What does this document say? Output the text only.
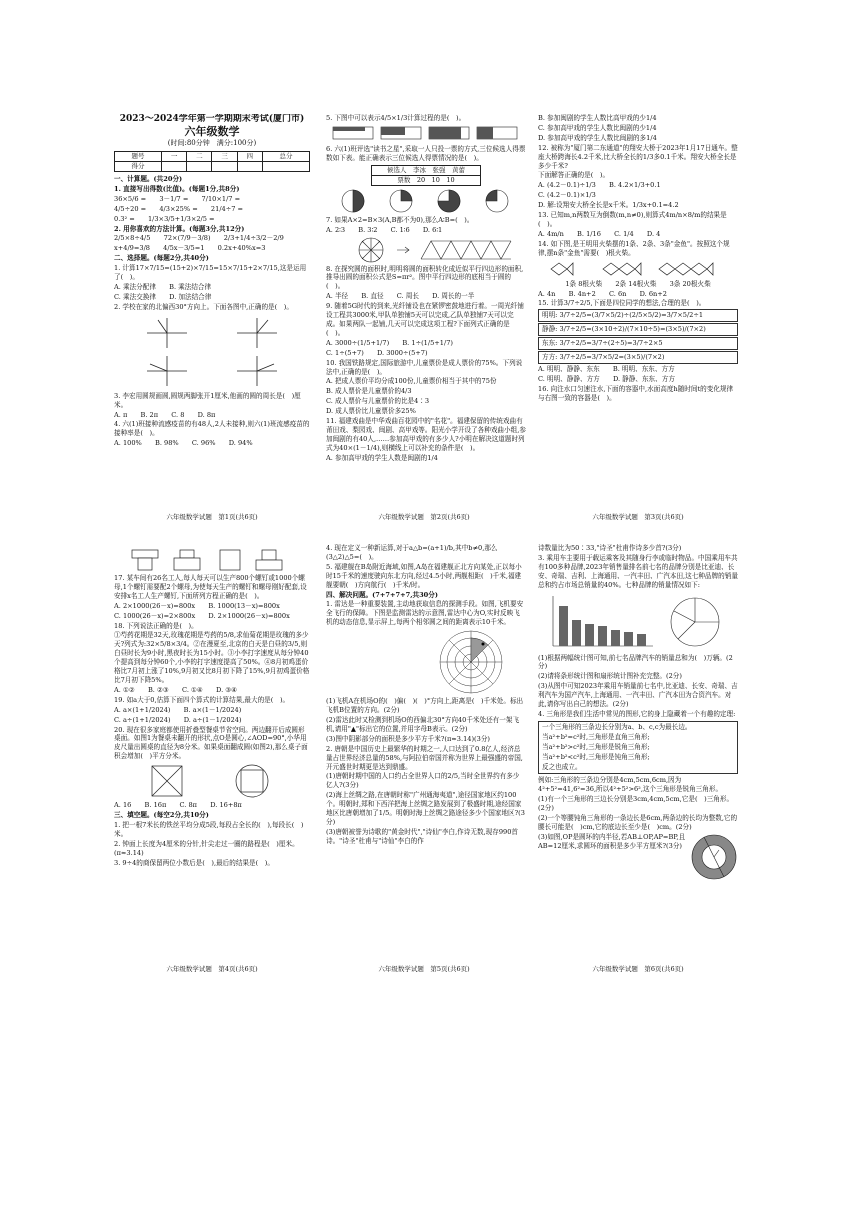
2023～2024学年第一学期期末考试(厦门市)
六年级数学
(时间:80分钟　满分:100分)
题号	一	二	三	四	总分
得分					

一、计算题。(共20分)

1. 直接写出得数(比值)。(每题1分,共8分)

36×5/6 =　　3－1/7 =　　7/10×1/7 =

4/5÷20 =　　4/3×25% =　　21/4÷7 =

0.3² =　　1/3×3/5+1/3×2/5 =

2. 用你喜欢的方法计算。(每题3分,共12分)

2/5×8÷4/5　　72×(7/9－3/8)　　2/3+1/4÷3/2－2/9

x+4/9=3/8　　4/5x－3/5=1　　0.2x+40%x=3

二、选择题。(每题2分,共40分)

1. 计算17×7/15=(15+2)×7/15=15×7/15+2×7/15,这是运用了(　)。

A. 乘法分配律　　B. 乘法结合律

C. 乘法交换律　　D. 加法结合律

2. 学校在家的北偏西30°方向上。下面各图中,正确的是(　)。

3. 李宏用圆规画圆,圆规两脚张开1厘米,他画的圆的周长是(　)厘米。

A. π　　B. 2π　　C. 8　　D. 8π

4. 六(1)班接种流感疫苗的有48人,2人未接种,则六(1)班流感疫苗的接种率是(　)。

A. 100%　　B. 98%　　C. 96%　　D. 94%

六年级数学试题　第1页(共6页)

5. 下图中可以表示4/5×1/3计算过程的是(　)。

6. 六(1)班评选"读书之星",采取一人只投一票的方式,三位候选人得票数如下表。能正确表示三位候选人得票情况的是(　)。

候选人　李冰　张强　黄蕾
票数　20　10　10

7. 如果A×2=B×3(A,B都不为0),那么A∶B=(　)。

A. 2∶3　　B. 3∶2　　C. 1∶6　　D. 6∶1

8. 在探究圆的面积时,明明将圆的面积转化成近似平行四边形的面积,推导出圆的面积公式是S=πr²。图中平行四边形的底相当于圆的(　)。

A. 半径　　B. 直径　　C. 周长　　D. 周长的一半

9. 随着5G时代的到来,光纤铺设也在紧锣密鼓地进行着。一周光纤铺设工程共3000米,甲队单独铺5天可以完成,乙队单独铺7天可以完成。如果两队一起铺,几天可以完成这项工程?下面列式正确的是(　)。

A. 3000÷(1/5+1/7)　　B. 1÷(1/5+1/7)

C. 1÷(5+7)　　D. 3000÷(5+7)

10. 我国铁路规定,国际旅游中,儿童票价是成人票价的75%。下列说法中,正确的是(　)。

A. 把成人票价平均分成100份,儿童票价相当于其中的75份

B. 成人票价是儿童票价的4/3

C. 成人票价与儿童票价的比是4∶3

D. 成人票价比儿童票价多25%

11. 福建戏曲是中华戏曲百花园中的"名花"。福建保留的传统戏曲有莆田戏、梨园戏、闽剧、高甲戏等。阳光小学开设了各种戏曲小组,参加闽剧的有40人,……参加高甲戏的有多少人?小明在解决这道题时列式为40×(1－1/4),则横线上可以补充的条件是(　)。

A. 参加高甲戏的学生人数是闽剧的1/4

六年级数学试题　第2页(共6页)

B. 参加闽剧的学生人数比高甲戏的少1/4

C. 参加高甲戏的学生人数比闽剧的少1/4

D. 参加高甲戏的学生人数比闽剧的多1/4

12. 被称为"厦门第二东通道"的翔安大桥于2023年1月17日通车。整座大桥跨海长4.2千米,比大桥全长的1/3多0.1千米。翔安大桥全长是多少千米?

下面解答正确的是(　)。

A. (4.2－0.1)÷1/3　　B. 4.2×1/3+0.1

C. (4.2－0.1)×1/3

D. 解:设翔安大桥全长是x千米。1/3x+0.1=4.2

13. 已知m,n两数互为倒数(m,n≠0),则算式4m/n×8/m的结果是(　)。

A. 4m/n　　B. 1/16　　C. 1/4　　D. 4

14. 如下图,是王明用火柴摆的1条、2条、3条"金鱼"。按照这个规律,摆n条"金鱼"需要(　)根火柴。

1条 8根火柴　　2条 14根火柴　　3条 20根火柴

A. 4n　　B. 4n+2　　C. 6n　　D. 6n+2

15. 计算3/7÷2/5,下面是四位同学的想法,合理的是(　)。

明明: 3/7÷2/5=(3/7×5/2)÷(2/5×5/2)=3/7×5/2÷1

静静: 3/7÷2/5=(3×10÷2)/(7×10÷5)=(3×5)/(7×2)

东东: 3/7÷2/5=3/7÷(2÷5)=3/7÷2×5

方方: 3/7÷2/5=3/7×5/2=(3×5)/(7×2)

A. 明明、静静、东东　　B. 明明、东东、方方

C. 明明、静静、方方　　D. 静静、东东、方方

16. 向注水口匀速注水,下面的容器中,水面高度h随时间t的变化规律与右图一致的容器是(　)。

六年级数学试题　第3页(共6页)

17. 某车间有26名工人,每人每天可以生产800个螺钉或1000个螺母,1个螺钉需要配2个螺母,为使每天生产的螺钉和螺母刚好配套,设安排x名工人生产螺钉,下面所列方程正确的是(　)。

A. 2×1000(26－x)=800x　　B. 1000(13－x)=800x

C. 1000(26－x)=2×800x　　D. 2×1000(26－x)=800x

18. 下列说法正确的是(　)。

①芍药花期是32天,玫瑰花期是芍药的5/8,求仙菊花期是玫瑰的多少天?列式为:32×5/8×3/4。②在漫夏至,北京的白天是白昼的3/5,则白昼时长为9小时,黑夜时长为15小时。③小李打字速度从每分钟40个提高到每分钟60个,小李的打字速度提高了50%。④8月初鸡蛋价格比7月初上涨了10%,9月初又比8月初下降了15%,9月初鸡蛋价格比7月初下降5%。

A. ①②　　B. ②③　　C. ①④　　D. ③④

19. 如a大于0,估算下面四个算式的计算结果,最大的是(　)。

A. a×(1+1/2024)　　B. a×(1－1/2024)

C. a÷(1+1/2024)　　D. a÷(1－1/2024)

20. 现在很多家庭都使用折叠型餐桌节省空间。两边翻开后成圆形桌面。如图1为餐桌未翻开的形状,点O是圆心,∠AOD=90°,小华用皮尺量出圆桌的直径为8分米。如果桌面翻成圆(如图2),那么桌子面积会增加(　)平方分米。

A. 16　　B. 16π　　C. 8π　　D. 16+8π

三、填空题。(每空2分,共10分)

1. 把一根7米长的铁丝平均分成5段,每段占全长的(　),每段长(　)米。

2. 钟面上长度为4厘米的分针,针尖走过一圈的路程是(　)厘米。(π≈3.14)

3. 9÷4的商保留两位小数后是(　),最后的结果是(　)。

六年级数学试题　第4页(共6页)

4. 现在定义一种新运算,对于a△b=(a+1)/b,其中b≠0,那么(3△2)△5=(　)。

5. 福建舰在B岛附近海域,如图,A岛在福建舰正北方向某处,正以每小时15千米的速度驶向东北方向,经过4.5小时,两舰相距(　)千米,福建舰要朝(　)方向航行(　)千米/时。

四、解决问题。(7+7+7+7,共30分)

1. 雷达是一种重要装置,主动地获取信息的探测手段。如图,飞机要安全飞行的保障。下图是监测雷达的示意图,雷达中心为O,实时反映飞机的动态信息,显示屏上,每两个相邻圆之间的距离表示10千米。

(1)飞机A在机场O的(　)偏(　)(　)°方向上,距离是(　)千米处。标出飞机B位置的方向。(2分)

(2)雷达此时又检测到机场O的西偏北30°方向40千米处还有一架飞机,请用"▲"标出它的位置,并用字母B表示。(2分)

(3)图中阴影部分的面积是多少平方千米?(π≈3.14)(3分)

2. 唐朝是中国历史上最繁华的时期之一,人口达到了0.8亿人,经济总量占世界经济总量的58%,与阿拉伯帝国并称为世界上最强盛的帝国,开元盛世时期更是达到鼎盛。

(1)唐朝时期中国的人口约占全世界人口的2/5,当时全世界约有多少亿人?(3分)

(2)海上丝绸之路,在唐朝时称"广州通海夷道",途径国家地区约100个。明朝时,郑和下西洋把海上丝绸之路发展到了极盛时期,途经国家地区比唐朝增加了1/5。明朝时海上丝绸之路途径多少个国家地区?(3分)

(3)唐朝被誉为诗歌的"黄金时代","诗仙"李白,作诗无数,现存990首诗。"诗圣"杜甫与"诗仙"李白的作

六年级数学试题　第5页(共6页)

诗数量比为50∶33,"诗圣"杜甫作诗多少首?(3分)

3. 乘用车主要用于载运乘客及其随身行李或临时物品。中国乘用车共有100多种品牌,2023年销售量排名前七名的品牌分别是比亚迪、长安、奇瑞、吉利、上海通用、一汽丰田、广汽本田,这七种品牌的销量总和约占市场总销量的40%。七种品牌的销量情况如下:

(1)根据两幅统计图可知,前七名品牌汽车的销量总和为(　)万辆。(2分)

(2)请将条形统计图和扇形统计图补充完整。(2分)

(3)从图中可知2023年乘用车销量前七名中,比亚迪、长安、奇瑞、吉利汽车为国产汽车,上海通用、一汽丰田、广汽本田为合资汽车。对此,请你写出自己的想法。(2分)

4. 三角形是我们生活中常见的图形,它的身上隐藏着一个有趣的定理:

一个三角形的三条边长分别为a、b、c,c为最长边。

当a²+b²=c²时,三角形是直角三角形;

当a²+b²>c²时,三角形是锐角三角形;

当a²+b²<c²时,三角形是钝角三角形;

反之也成立。

例如:三角形的三条边分别是4cm,5cm,6cm,因为4²+5²=41,6²=36,所以4²+5²>6²,这个三角形是锐角三角形。

(1)有一个三角形的三边长分别是3cm,4cm,5cm,它是(　)三角形。(2分)

(2)一个等腰钝角三角形的一条边长是6cm,两条边的长均为整数,它的腰长可能是(　)cm,它的底边长至少是(　)cm。(2分)

(3)如图,OP是圆环的内半径,若AB⊥OP,AP=BP,且AB=12厘米,求圆环的面积是多少平方厘米?(3分)

六年级数学试题　第6页(共6页)
